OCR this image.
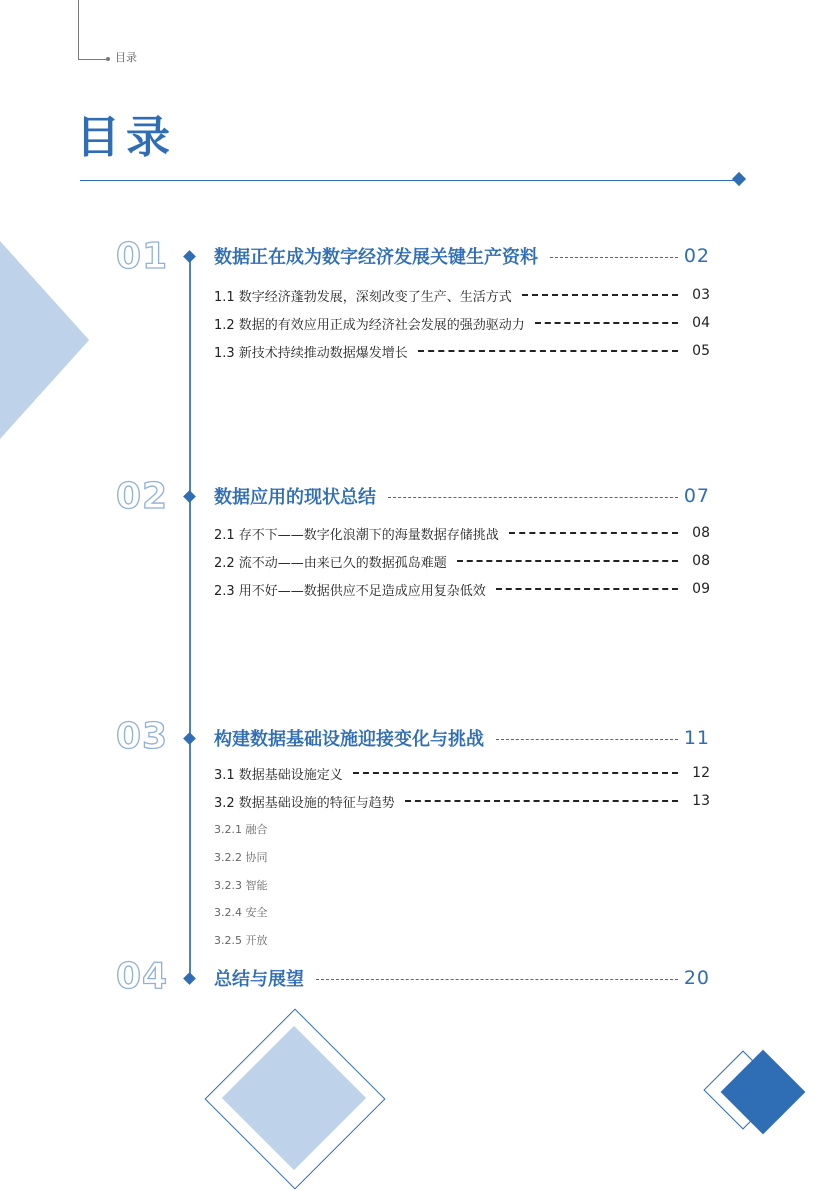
目录
目录
01	数据正在成为数字经济发展关键生产资料	02
1.1 数字经济蓬勃发展，深刻改变了生产、生活方式	03
1.2 数据的有效应用正成为经济社会发展的强劲驱动力	04
1.3 新技术持续推动数据爆发增长	05
02	数据应用的现状总结	07
2.1 存不下——数字化浪潮下的海量数据存储挑战	08
2.2 流不动——由来已久的数据孤岛难题	08
2.3 用不好——数据供应不足造成应用复杂低效	09
03	构建数据基础设施迎接变化与挑战	11
3.1 数据基础设施定义	12
3.2 数据基础设施的特征与趋势	13
3.2.1 融合
3.2.2 协同
3.2.3 智能
3.2.4 安全
3.2.5 开放
04	总结与展望	20
